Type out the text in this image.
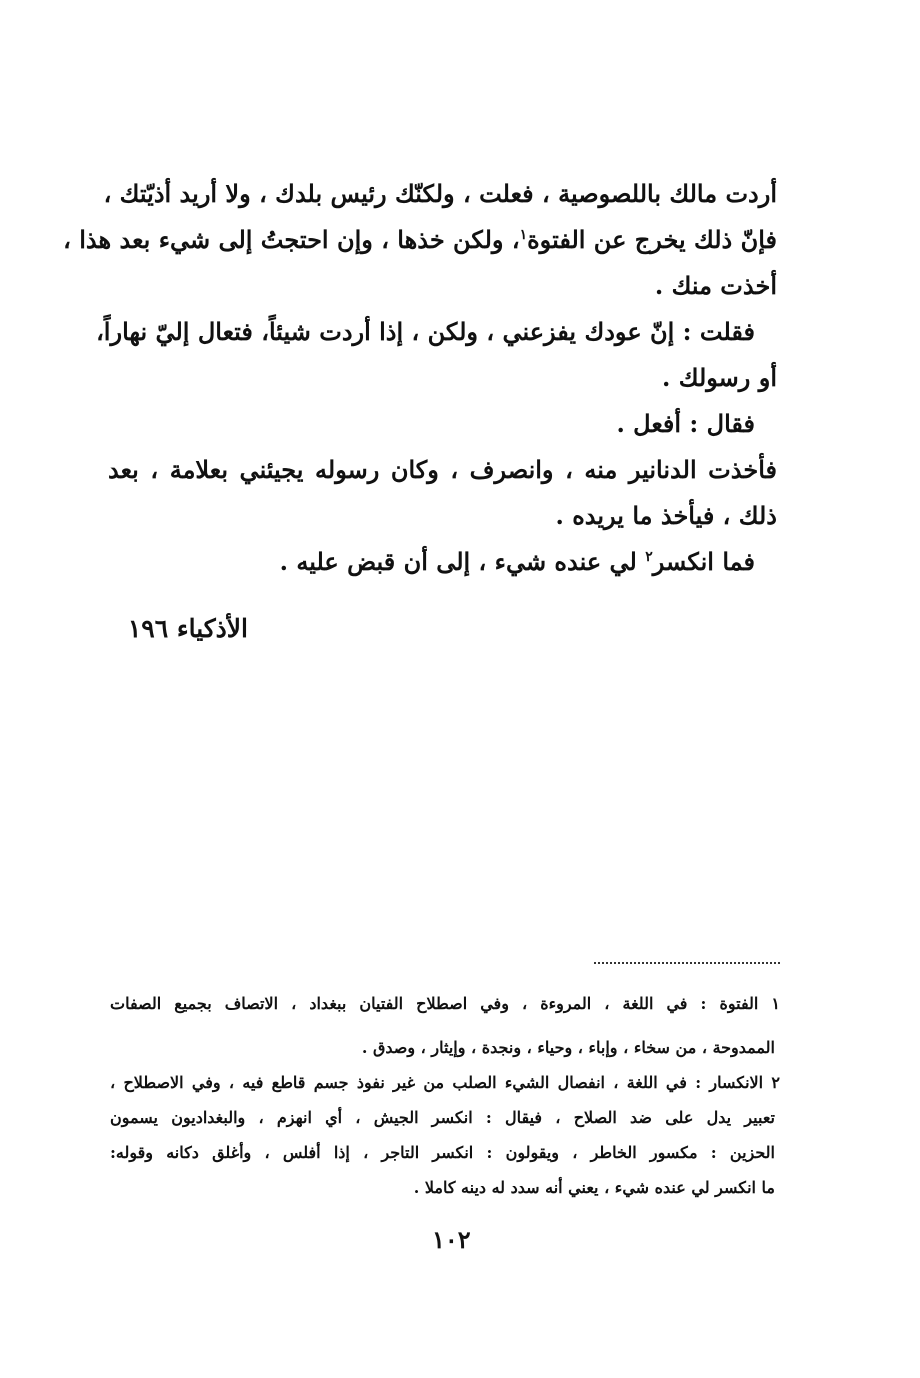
أردت مالك باللصوصية ، فعلت ، ولكنّك رئيس بلدك ، ولا أريد أذيّتك ،

فإنّ ذلك يخرج عن الفتوة$^١$، ولكن خذها ، وإن احتجتُ إلى شيء بعد هذا ،

أخذت منك .

فقلت : إنّ عودك يفزعني ، ولكن ، إذا أردت شيئاً، فتعال إليّ نهاراً،

أو رسولك .

فقال : أفعل .

فأخذت الدنانير منه ، وانصرف ، وكان رسوله يجيئني بعلامة ، بعد

ذلك ، فيأخذ ما يريده .

فما انكسر$^٢$ لي عنده شيء ، إلى أن قبض عليه .

الأذكياء ١٩٦

١ الفتوة : في اللغة ، المروءة ، وفي اصطلاح الفتيان ببغداد ، الاتصاف بجميع الصفات

الممدوحة ، من سخاء ، وإباء ، وحياء ، ونجدة ، وإيثار ، وصدق .

٢ الانكسار : في اللغة ، انفصال الشيء الصلب من غير نفوذ جسم قاطع فيه ، وفي الاصطلاح ،

تعبير يدل على ضد الصلاح ، فيقال : انكسر الجيش ، أي انهزم ، والبغداديون يسمون

الحزين : مكسور الخاطر ، ويقولون : انكسر التاجر ، إذا أفلس ، وأغلق دكانه وقوله:

ما انكسر لي عنده شيء ، يعني أنه سدد له دينه كاملا .

١٠٢
